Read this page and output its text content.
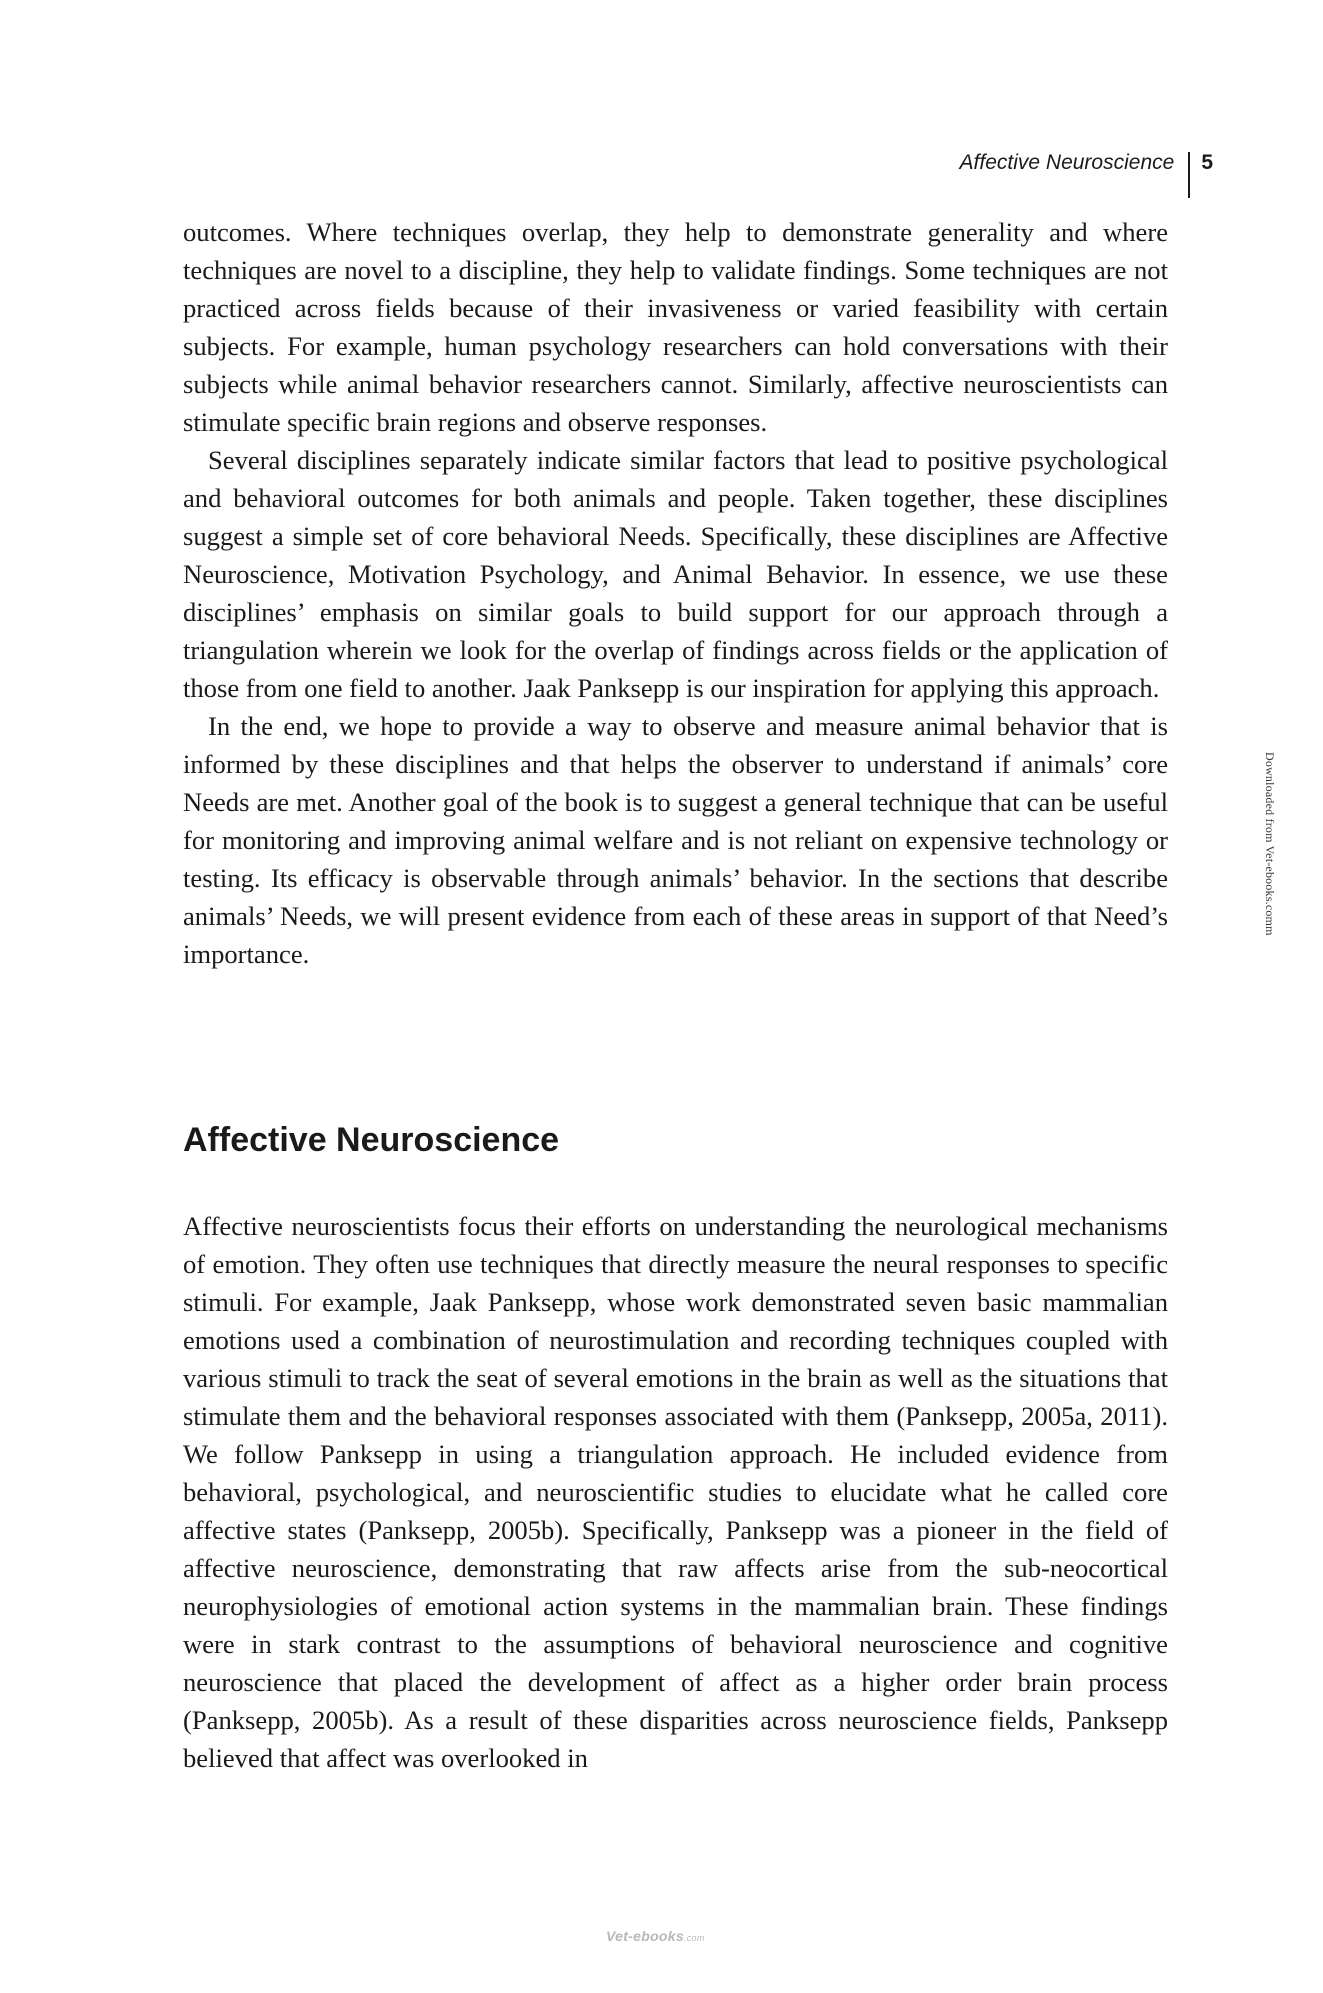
Affective Neuroscience	5

outcomes. Where techniques overlap, they help to demonstrate generality and where techniques are novel to a discipline, they help to validate findings. Some techniques are not practiced across fields because of their invasiveness or varied feasibility with certain subjects. For example, human psychology researchers can hold conversations with their subjects while animal behavior researchers cannot. Similarly, affective neuroscientists can stimulate specific brain regions and observe responses.

Several disciplines separately indicate similar factors that lead to positive psychological and behavioral outcomes for both animals and people. Taken together, these disciplines suggest a simple set of core behavioral Needs. Specifically, these disciplines are Affective Neuroscience, Motivation Psychology, and Animal Behavior. In essence, we use these disciplines’ emphasis on similar goals to build support for our approach through a triangulation wherein we look for the overlap of findings across fields or the application of those from one field to another. Jaak Panksepp is our inspiration for applying this approach.

In the end, we hope to provide a way to observe and measure animal behavior that is informed by these disciplines and that helps the observer to understand if animals’ core Needs are met. Another goal of the book is to suggest a general technique that can be useful for monitoring and improving animal welfare and is not reliant on expensive technology or testing. Its efficacy is observable through animals’ behavior. In the sections that describe animals’ Needs, we will present evidence from each of these areas in support of that Need’s importance.

Affective Neuroscience

Affective neuroscientists focus their efforts on understanding the neurological mechanisms of emotion. They often use techniques that directly measure the neural responses to specific stimuli. For example, Jaak Panksepp, whose work demonstrated seven basic mammalian emotions used a combination of neurostimulation and recording techniques coupled with various stimuli to track the seat of several emotions in the brain as well as the situations that stimulate them and the behavioral responses associated with them (Panksepp, 2005a, 2011). We follow Panksepp in using a triangulation approach. He included evidence from behavioral, psychological, and neuroscientific studies to elucidate what he called core affective states (Panksepp, 2005b). Specifically, Panksepp was a pioneer in the field of affective neuroscience, demonstrating that raw affects arise from the sub-neocortical neurophysiologies of emotional action systems in the mammalian brain. These findings were in stark contrast to the assumptions of behavioral neuroscience and cognitive neuroscience that placed the development of affect as a higher order brain process (Panksepp, 2005b). As a result of these disparities across neuroscience fields, Panksepp believed that affect was overlooked in

Downloaded from Vet-ebooks.comm
Vet-ebooks.com
